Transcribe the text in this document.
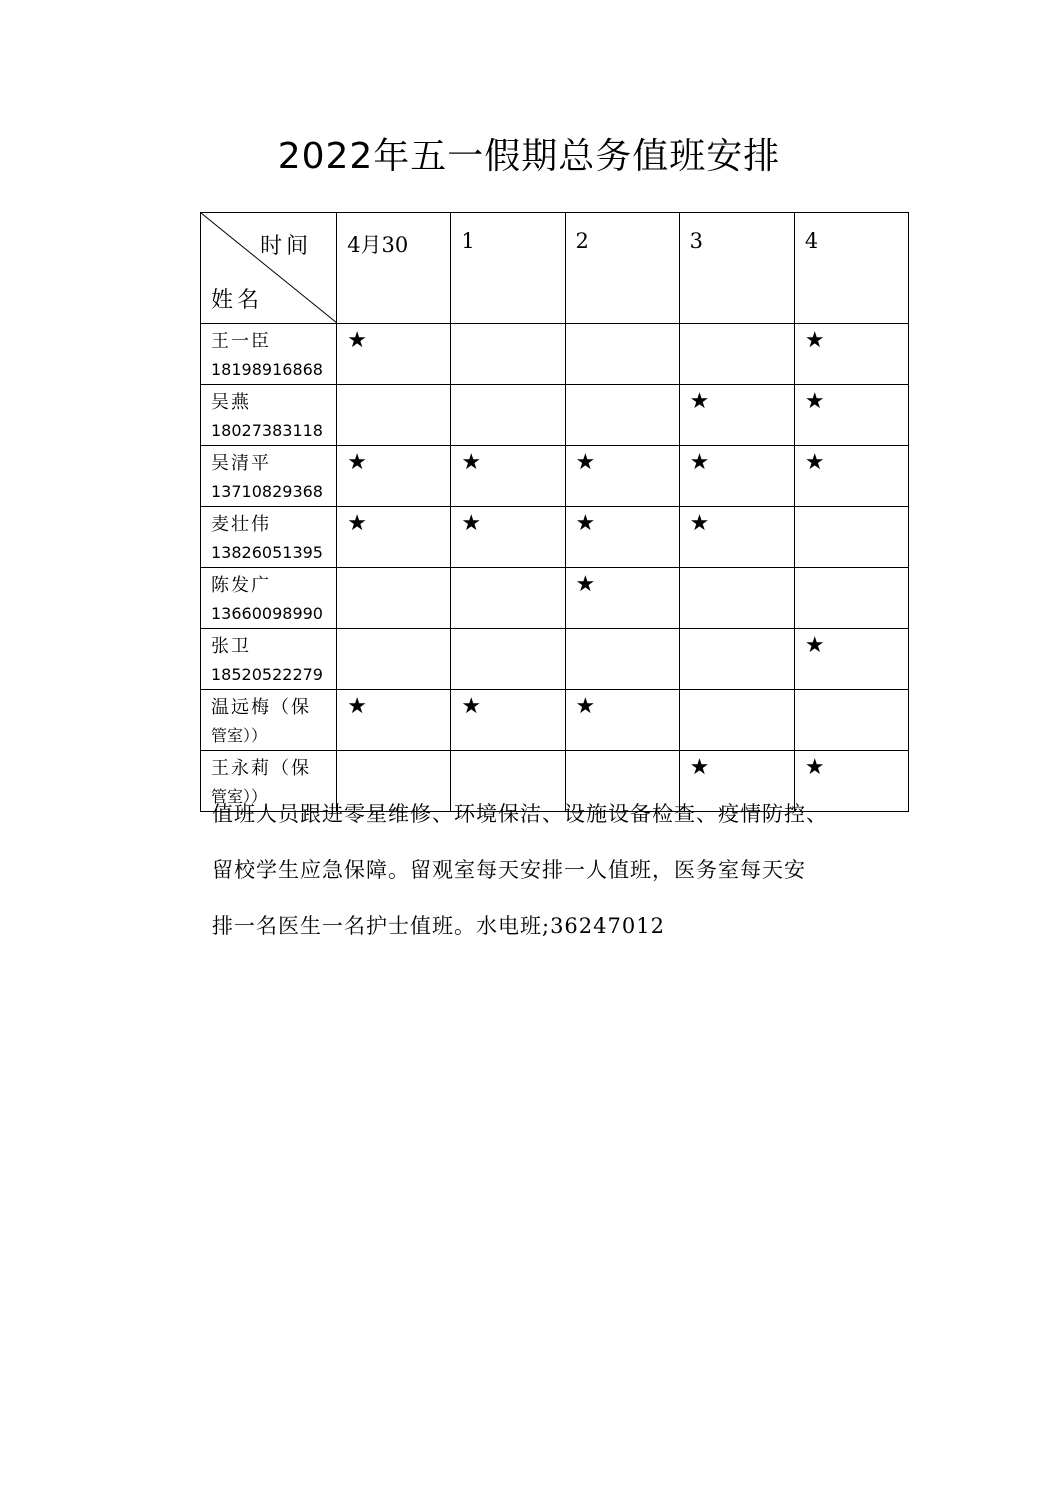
2022年五一假期总务值班安排
时间
姓名	4月30	1	2	3	4

王一臣
18198916868	★				★

吴燕
18027383118				★	★

吴清平
13710829368	★	★	★	★	★

麦壮伟
13826051395	★	★	★	★	

陈发广
13660098990			★		

张卫
18520522279					★

温远梅（保
管室））	★	★	★		

王永莉（保
管室））				★	★

值班人员跟进零星维修、环境保洁、设施设备检查、疫情防控、

留校学生应急保障。留观室每天安排一人值班，医务室每天安

排一名医生一名护士值班。水电班;36247012
